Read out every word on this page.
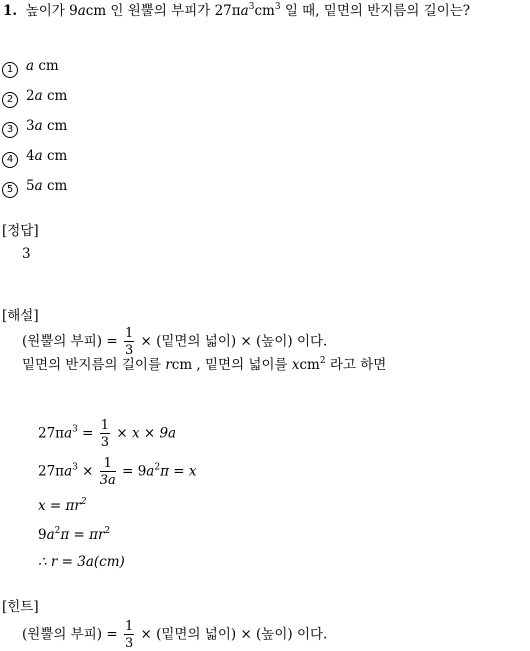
1. 높이가 9acm 인 원뿔의 부피가 $27\pi a^3cm^3$ 일 때, 밑면의 반지름의 길이는?
1 a cm
2 2a cm
3 3a cm
4 4a cm
5 5a cm
[정답]
3
[해설]
(원뿔의 부피) = $\frac{1}{3}$ × (밑면의 넓이) × (높이) 이다.
밑면의 반지름의 길이를 rcm , 밑면의 넓이를 xcm$^2$ 라고 하면
$27\pi a^3 = \frac{1}{3} \times x \times 9a$
$27\pi a^3 \times \frac{1}{3a} = 9a^2\pi = x$
$x = \pi r^2$
$9a^2\pi = \pi r^2$
∴ r = 3a(cm)
[힌트]
(원뿔의 부피) = $\frac{1}{3}$ × (밑면의 넓이) × (높이) 이다.
